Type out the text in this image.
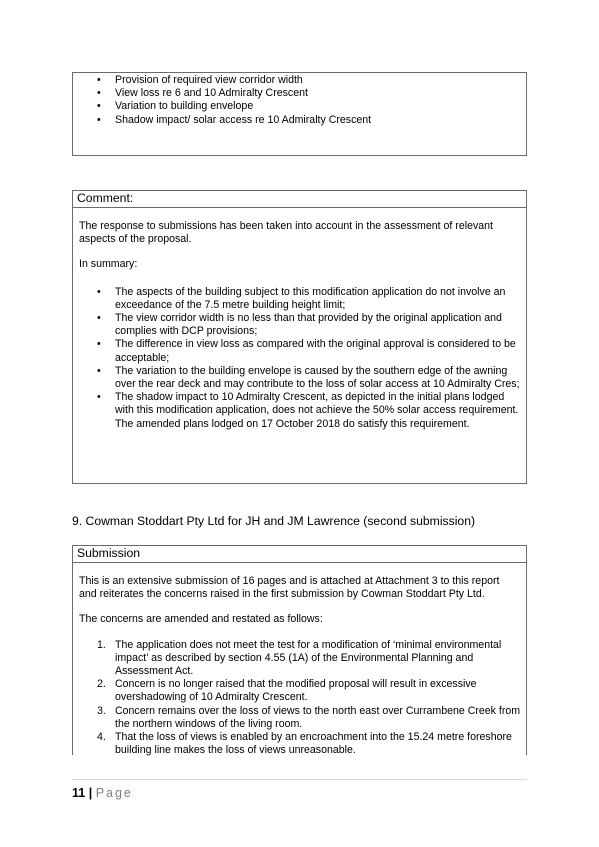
• Provision of required view corridor width
• View loss re 6 and 10 Admiralty Crescent
• Variation to building envelope
• Shadow impact/ solar access re 10 Admiralty Crescent

Comment:

The response to submissions has been taken into account in the assessment of relevant aspects of the proposal.

In summary:

• The aspects of the building subject to this modification application do not involve an exceedance of the 7.5 metre building height limit;
• The view corridor width is no less than that provided by the original application and complies with DCP provisions;
• The difference in view loss as compared with the original approval is considered to be acceptable;
• The variation to the building envelope is caused by the southern edge of the awning over the rear deck and may contribute to the loss of solar access at 10 Admiralty Cres;
• The shadow impact to 10 Admiralty Crescent, as depicted in the initial plans lodged with this modification application, does not achieve the 50% solar access requirement. The amended plans lodged on 17 October 2018 do satisfy this requirement.

9. Cowman Stoddart Pty Ltd for JH and JM Lawrence (second submission)

Submission

This is an extensive submission of 16 pages and is attached at Attachment 3 to this report and reiterates the concerns raised in the first submission by Cowman Stoddart Pty Ltd.

The concerns are amended and restated as follows:

1. The application does not meet the test for a modification of ‘minimal environmental impact’ as described by section 4.55 (1A) of the Environmental Planning and Assessment Act.
2. Concern is no longer raised that the modified proposal will result in excessive overshadowing of 10 Admiralty Crescent.
3. Concern remains over the loss of views to the north east over Currambene Creek from the northern windows of the living room.
4. That the loss of views is enabled by an encroachment into the 15.24 metre foreshore building line makes the loss of views unreasonable.
11 | Page
